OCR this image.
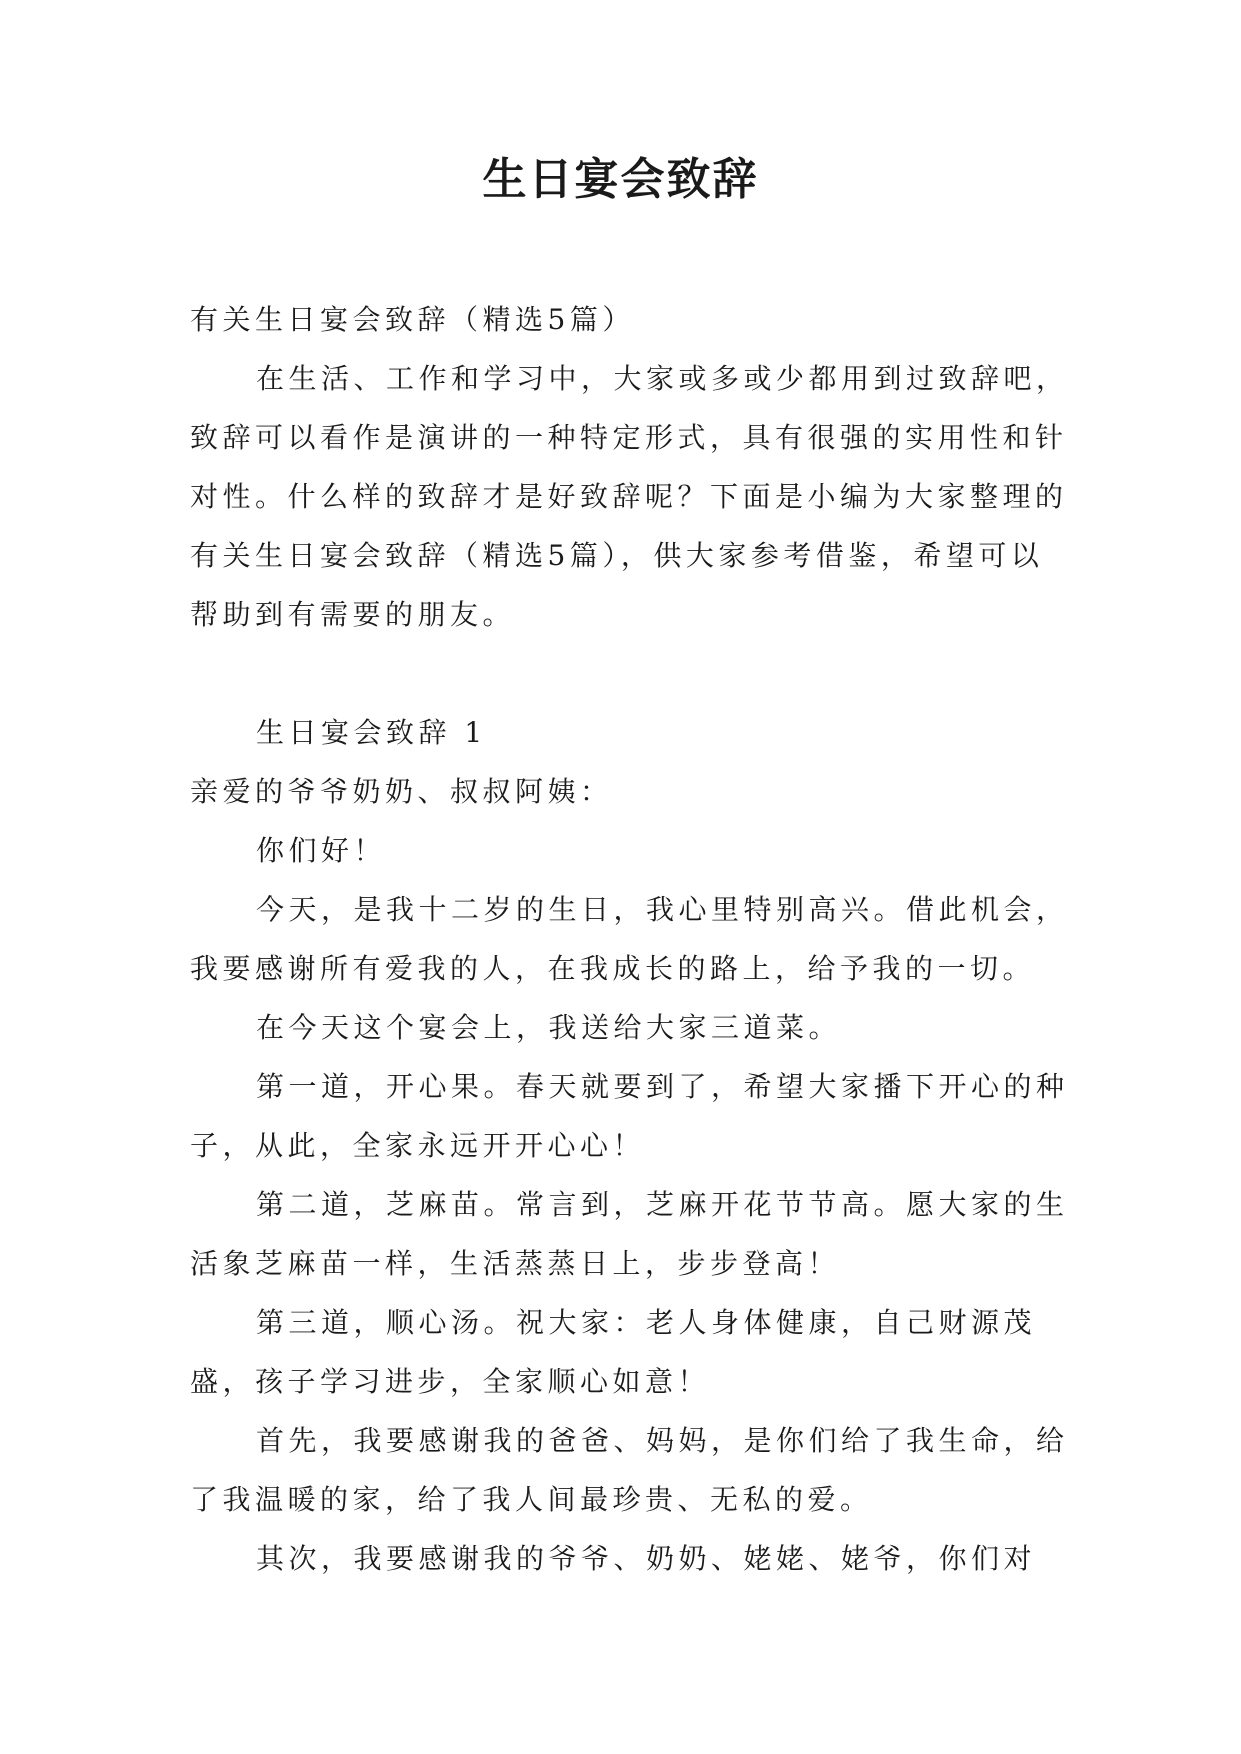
生日宴会致辞

有关生日宴会致辞（精选5篇）

在生活、工作和学习中，大家或多或少都用到过致辞吧，致辞可以看作是演讲的一种特定形式，具有很强的实用性和针对性。什么样的致辞才是好致辞呢？下面是小编为大家整理的有关生日宴会致辞（精选5篇），供大家参考借鉴，希望可以帮助到有需要的朋友。

生日宴会致辞 1

亲爱的爷爷奶奶、叔叔阿姨：

你们好！

今天，是我十二岁的生日，我心里特别高兴。借此机会，我要感谢所有爱我的人，在我成长的路上，给予我的一切。

在今天这个宴会上，我送给大家三道菜。

第一道，开心果。春天就要到了，希望大家播下开心的种子，从此，全家永远开开心心！

第二道，芝麻苗。常言到，芝麻开花节节高。愿大家的生活象芝麻苗一样，生活蒸蒸日上，步步登高！

第三道，顺心汤。祝大家：老人身体健康，自己财源茂盛，孩子学习进步，全家顺心如意！

首先，我要感谢我的爸爸、妈妈，是你们给了我生命，给了我温暖的家，给了我人间最珍贵、无私的爱。

其次，我要感谢我的爷爷、奶奶、姥姥、姥爷，你们对
